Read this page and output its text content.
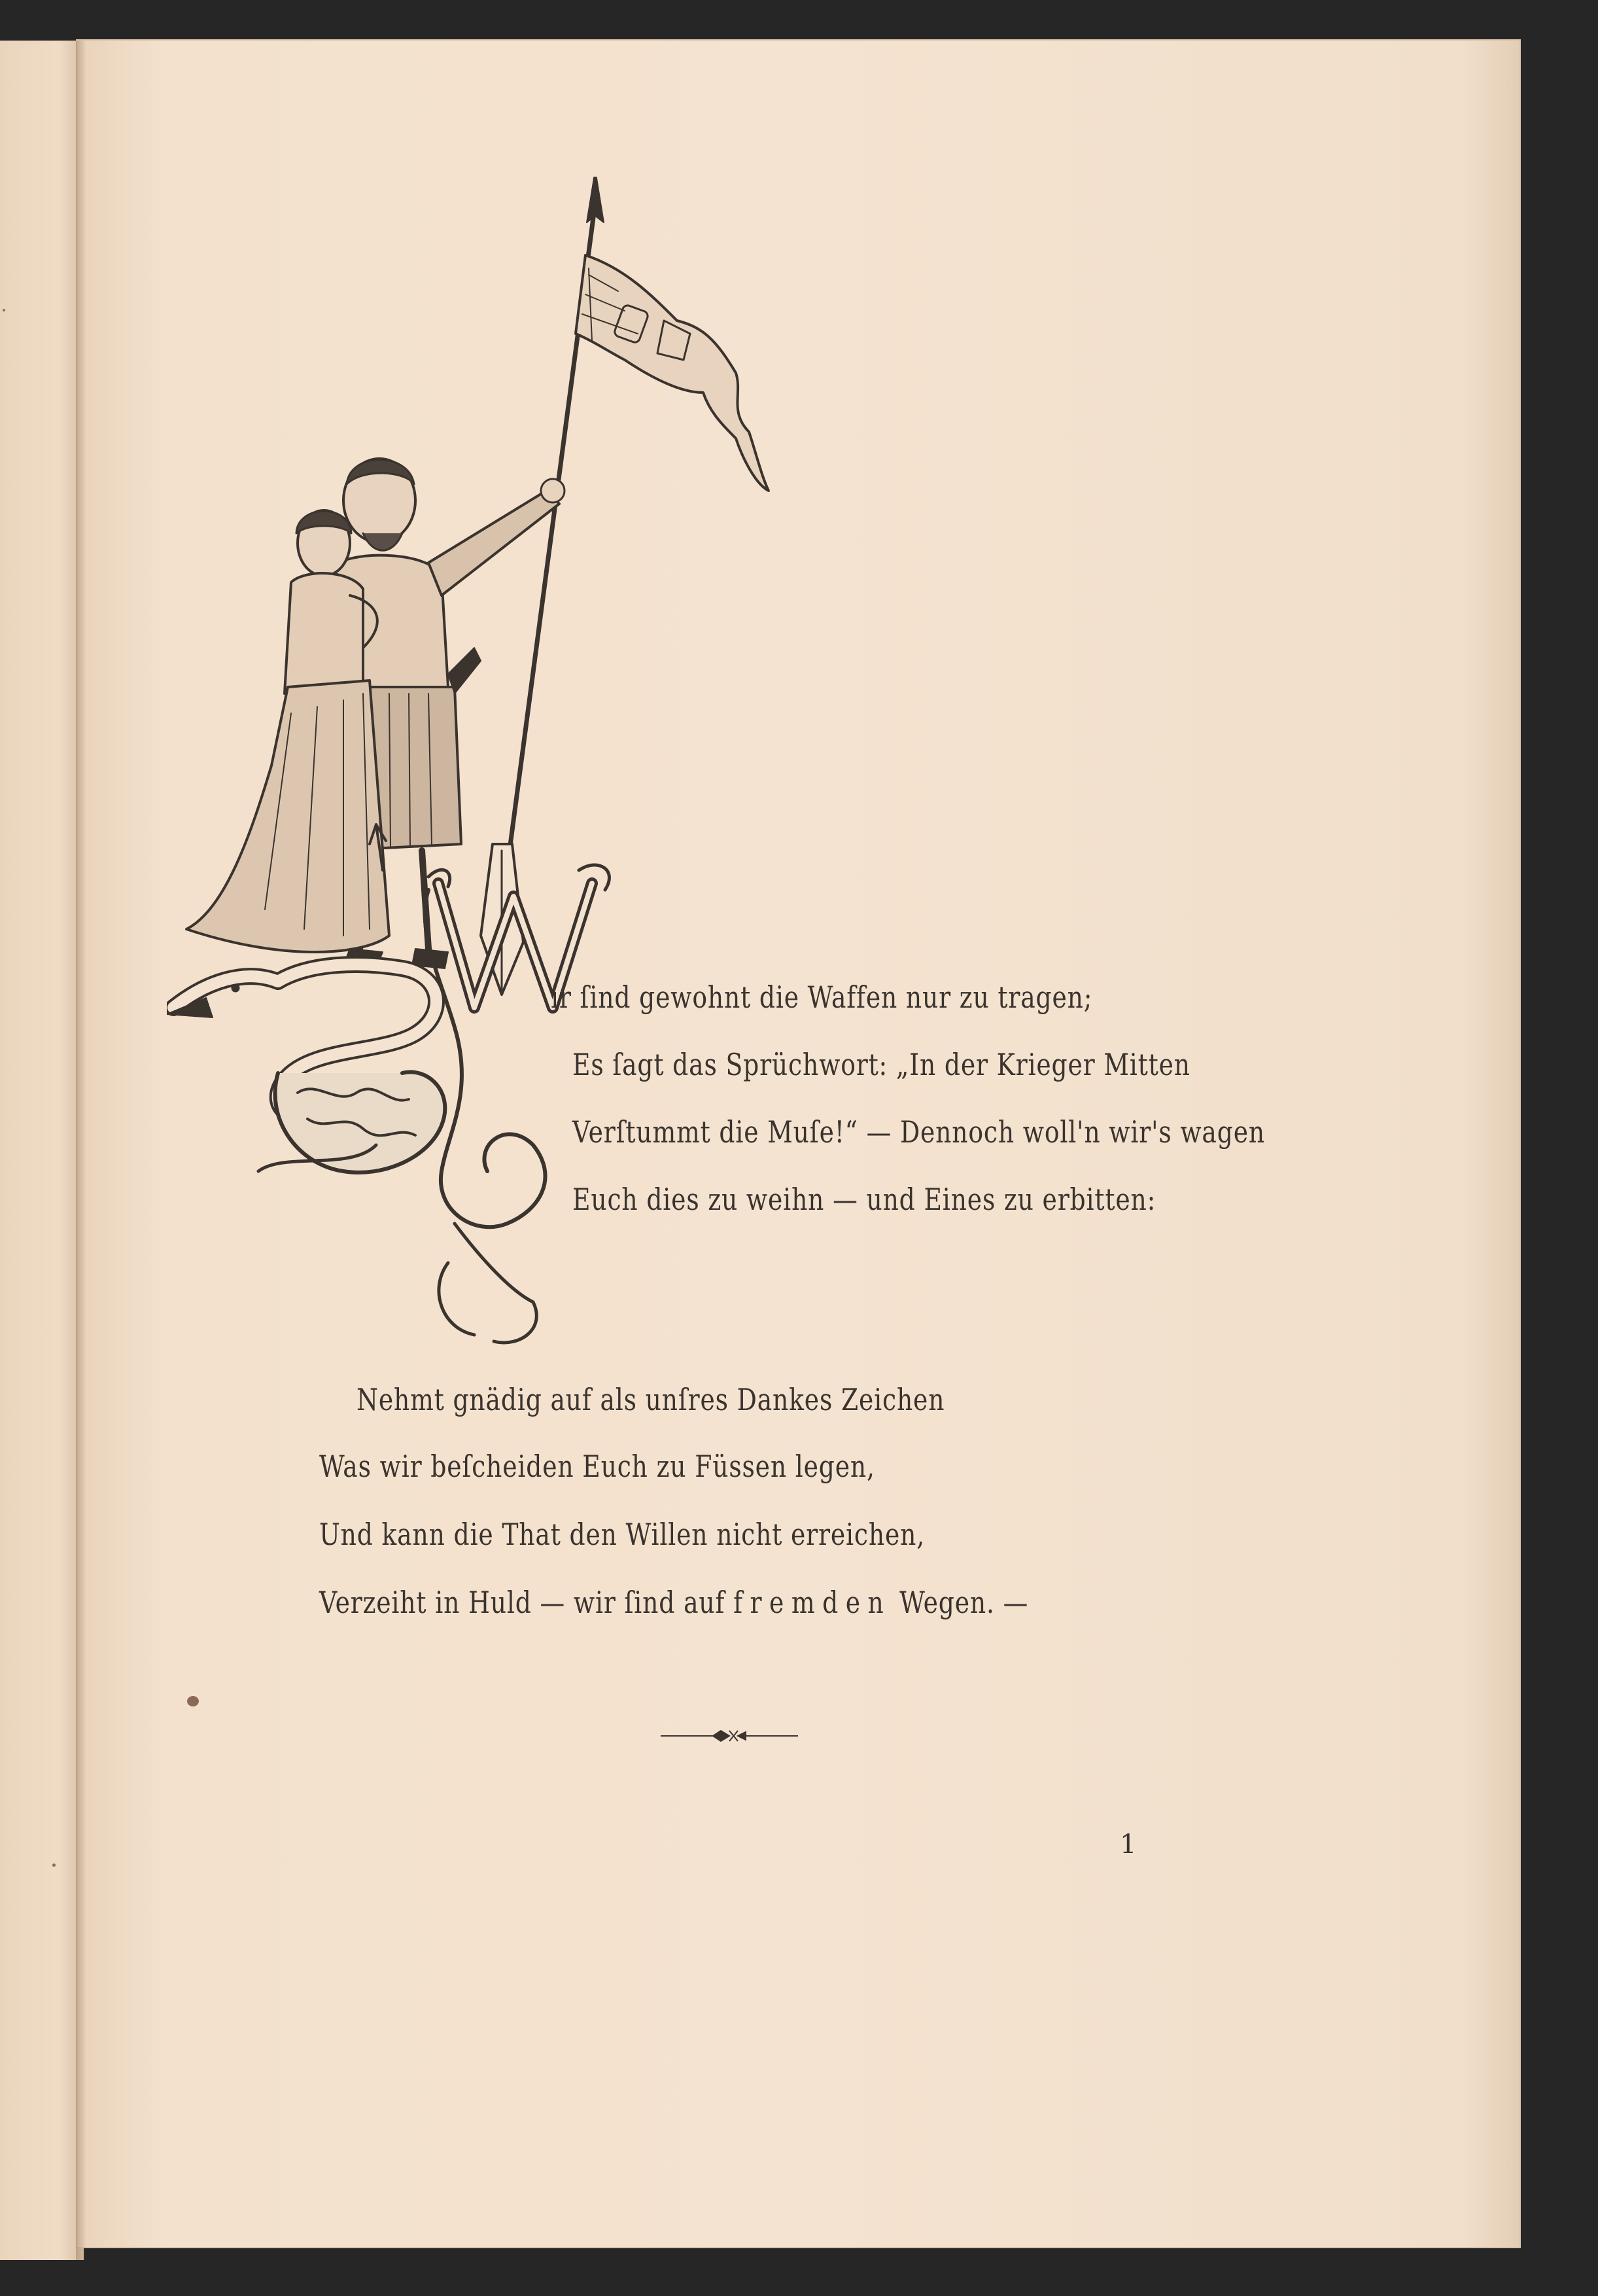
ir ſind gewohnt die Waffen nur zu tragen;
Es ſagt das Sprüchwort: „In der Krieger Mitten
Verſtummt die Muſe!“ — Dennoch woll'n wir's wagen
Euch dies zu weihn — und Eines zu erbitten:
Nehmt gnädig auf als unſres Dankes Zeichen
Was wir beſcheiden Euch zu Füssen legen,
Und kann die That den Willen nicht erreichen,
Verzeiht in Huld — wir ſind auf fremden Wegen. —
1
